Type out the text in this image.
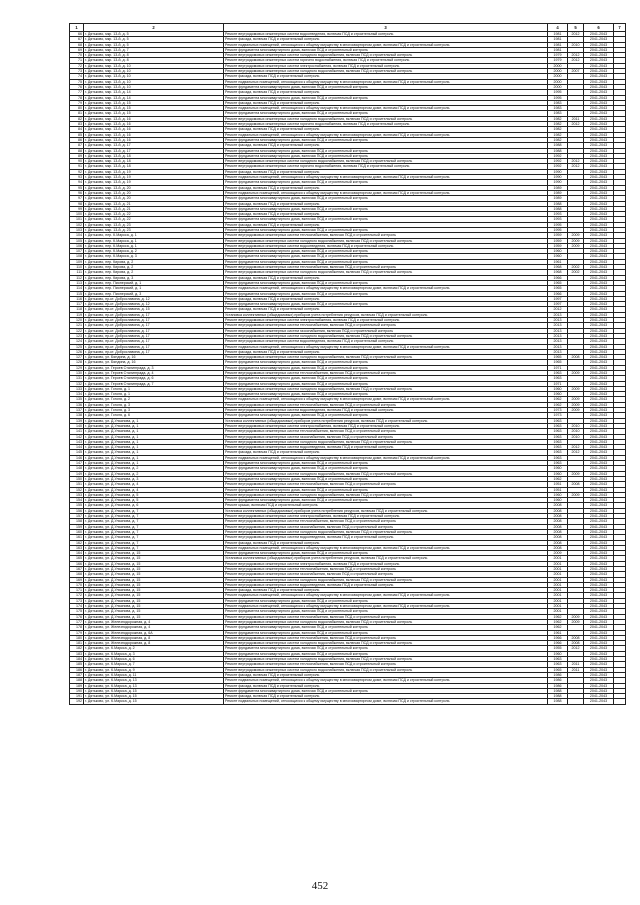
1	2	3	4	5	6	7
66	г. Дятьково, мкр. 13-й, д. 5	Ремонт внутридомовых инженерных систем водоотведения, включая ПСД и строительный контроль	1981	2012	2041-2043	
67	г. Дятьково, мкр. 13-й, д. 5	Ремонт фасада, включая ПСД и строительный контроль	1981		2041-2043	
68	г. Дятьково, мкр. 13-й, д. 5	Ремонт подвальных помещений, относящихся к общему имуществу в многоквартирном доме, включая ПСД и строительный контроль	1981	2010	2041-2043	
69	г. Дятьково, мкр. 13-й, д. 7	Ремонт фундамента многоквартирного дома, включая ПСД и строительный контроль	1981		2041-2043	
70	г. Дятьково, мкр. 13-й, д. 8	Ремонт внутридомовых инженерных систем холодного водоснабжения, включая ПСД и строительный контроль	1979	2012	2041-2043	
71	г. Дятьково, мкр. 13-й, д. 8	Ремонт внутридомовых инженерных систем горячего водоснабжения, включая ПСД и строительный контроль	1979	2012	2041-2043	
72	г. Дятьково, мкр. 13-й, д. 10	Ремонт внутридомовых инженерных систем электроснабжения, включая ПСД и строительный контроль	2000		2041-2043	
73	г. Дятьково, мкр. 13-й, д. 10	Ремонт внутридомовых инженерных систем холодного водоснабжения, включая ПСД и строительный контроль	2000	2007	2041-2043	
74	г. Дятьково, мкр. 13-й, д. 10	Ремонт фасада, включая ПСД и строительный контроль	2000		2041-2043	
75	г. Дятьково, мкр. 13-й, д. 10	Ремонт подвальных помещений, относящихся к общему имуществу в многоквартирном доме, включая ПСД и строительный контроль	2000		2041-2043	
76	г. Дятьково, мкр. 13-й, д. 10	Ремонт фундамента многоквартирного дома, включая ПСД и строительный контроль	2000		2041-2043	
77	г. Дятьково, мкр. 13-й, д. 14	Ремонт фасада, включая ПСД и строительный контроль	1995		2041-2043	
78	г. Дятьково, мкр. 13-й, д. 14	Ремонт фундамента многоквартирного дома, включая ПСД и строительный контроль	1995		2041-2043	
79	г. Дятьково, мкр. 13-й, д. 15	Ремонт фасада, включая ПСД и строительный контроль	1983		2041-2043	
80	г. Дятьково, мкр. 13-й, д. 15	Ремонт подвальных помещений, относящихся к общему имуществу в многоквартирном доме, включая ПСД и строительный контроль	1983		2041-2043	
81	г. Дятьково, мкр. 13-й, д. 15	Ремонт фундамента многоквартирного дома, включая ПСД и строительный контроль	1983		2041-2043	
82	г. Дятьково, мкр. 13-й, д. 16	Ремонт внутридомовых инженерных систем холодного водоснабжения, включая ПСД и строительный контроль	1982	2011	2041-2043	
83	г. Дятьково, мкр. 13-й, д. 16	Ремонт внутридомовых инженерных систем горячего водоснабжения, включая ПСД и строительный контроль	1982	2012	2041-2043	
84	г. Дятьково, мкр. 13-й, д. 16	Ремонт фасада, включая ПСД и строительный контроль	1982		2041-2043	
85	г. Дятьково, мкр. 13-й, д. 16	Ремонт подвальных помещений, относящихся к общему имуществу в многоквартирном доме, включая ПСД и строительный контроль	1982		2041-2043	
86	г. Дятьково, мкр. 13-й, д. 16	Ремонт фундамента многоквартирного дома, включая ПСД и строительный контроль	1982		2041-2043	
87	г. Дятьково, мкр. 13-й, д. 17	Ремонт фасада, включая ПСД и строительный контроль	1988		2041-2043	
88	г. Дятьково, мкр. 13-й, д. 17	Ремонт фундамента многоквартирного дома, включая ПСД и строительный контроль	1988		2041-2043	
89	г. Дятьково, мкр. 13-й, д. 18	Ремонт фундамента многоквартирного дома, включая ПСД и строительный контроль	1992		2041-2043	
90	г. Дятьково, мкр. 13-й, д. 18	Ремонт внутридомовых инженерных систем холодного водоснабжения, включая ПСД и строительный контроль	1992	2012	2041-2043	
91	г. Дятьково, мкр. 13-й, д. 18	Ремонт внутридомовых инженерных систем горячего водоснабжения, включая ПСД и строительный контроль	1992	2012	2041-2043	
92	г. Дятьково, мкр. 13-й, д. 19	Ремонт фасада, включая ПСД и строительный контроль	1990		2041-2043	
93	г. Дятьково, мкр. 13-й, д. 19	Ремонт подвальных помещений, относящихся к общему имуществу в многоквартирном доме, включая ПСД и строительный контроль	1990		2041-2043	
94	г. Дятьково, мкр. 13-й, д. 19	Ремонт фундамента многоквартирного дома, включая ПСД и строительный контроль	1990		2041-2043	
95	г. Дятьково, мкр. 13-й, д. 20	Ремонт фасада, включая ПСД и строительный контроль	1989		2041-2043	
96	г. Дятьково, мкр. 13-й, д. 20	Ремонт подвальных помещений, относящихся к общему имуществу в многоквартирном доме, включая ПСД и строительный контроль	1989		2041-2043	
97	г. Дятьково, мкр. 13-й, д. 20	Ремонт фундамента многоквартирного дома, включая ПСД и строительный контроль	1989		2041-2043	
98	г. Дятьково, мкр. 13-й, д. 21	Ремонт фасада, включая ПСД и строительный контроль	1988		2041-2043	
99	г. Дятьково, мкр. 13-й, д. 21	Ремонт фундамента многоквартирного дома, включая ПСД и строительный контроль	1988		2041-2043	
100	г. Дятьково, мкр. 13-й, д. 22	Ремонт фасада, включая ПСД и строительный контроль	1993		2041-2043	
101	г. Дятьково, мкр. 13-й, д. 22	Ремонт фундамента многоквартирного дома, включая ПСД и строительный контроль	1993		2041-2043	
102	г. Дятьково, мкр. 13-й, д. 23	Ремонт фасада, включая ПСД и строительный контроль	1995		2041-2043	
103	г. Дятьково, мкр. 13-й, д. 23	Ремонт фундамента многоквартирного дома, включая ПСД и строительный контроль	1995		2041-2043	
104	г. Дятьково, пер. К.Маркса, д. 1	Ремонт внутридомовых инженерных систем теплоснабжения, включая ПСД и строительный контроль	1959	2009	2041-2043	
105	г. Дятьково, пер. К.Маркса, д. 1	Ремонт внутридомовых инженерных систем холодного водоснабжения, включая ПСД и строительный контроль	1959	2009	2041-2043	
106	г. Дятьково, пер. К.Маркса, д. 1	Ремонт внутридомовых инженерных систем водоотведения, включая ПСД и строительный контроль	1959	2009	2041-2043	
107	г. Дятьково, пер. К.Маркса, д. 2	Ремонт фундамента многоквартирного дома, включая ПСД и строительный контроль	1960		2041-2043	
108	г. Дятьково, пер. К.Маркса, д. 3	Ремонт фундамента многоквартирного дома, включая ПСД и строительный контроль	1960		2041-2043	
109	г. Дятьково, пер. Кирова, д. 2	Ремонт фундамента многоквартирного дома, включая ПСД и строительный контроль	1961		2041-2043	
110	г. Дятьково, пер. Кирова, д. 2	Ремонт внутридомовых инженерных систем теплоснабжения, включая ПСД и строительный контроль	1968	2002	2041-2043	
111	г. Дятьково, пер. Кирова, д. 2	Ремонт внутридомовых инженерных систем холодного водоснабжения, включая ПСД и строительный контроль	1968	2002	2041-2043	
112	г. Дятьково, пер. Кирова, д. 3	Ремонт фасада, включая ПСД и строительный контроль	1966		2041-2043	
113	г. Дятьково, пер. Пионерский, д. 1	Ремонт фундамента многоквартирного дома, включая ПСД и строительный контроль	1965		2041-2043	
114	г. Дятьково, пер. Пионерский, д. 1	Ремонт подвальных помещений, относящихся к общему имуществу в многоквартирном доме, включая ПСД и строительный контроль	1965		2041-2043	
115	г. Дятьково, пер. Пионерский, д. 3	Ремонт фундамента многоквартирного дома, включая ПСД и строительный контроль	1966		2041-2043	
116	г. Дятьково, пр-кт. Доброславина, д. 12	Ремонт фасада, включая ПСД и строительный контроль	1997		2041-2043	
117	г. Дятьково, пр-кт. Доброславина, д. 12	Ремонт фундамента многоквартирного дома, включая ПСД и строительный контроль	1997		2041-2043	
118	г. Дятьково, пр-кт. Доброславина, д. 15	Ремонт фасада, включая ПСД и строительный контроль	2012		2041-2043	
119	г. Дятьково, пр-кт. Доброславина, д. 17	Установка коллективных (общедомовых) приборов учета потребления ресурсов, включая ПСД и строительный контроль	2013		2041-2043	
120	г. Дятьково, пр-кт. Доброславина, д. 17	Ремонт внутридомовых инженерных систем электроснабжения, включая ПСД и строительный контроль	2013		2041-2043	
121	г. Дятьково, пр-кт. Доброславина, д. 17	Ремонт внутридомовых инженерных систем теплоснабжения, включая ПСД и строительный контроль	2013		2041-2043	
122	г. Дятьково, пр-кт. Доброславина, д. 17	Ремонт внутридомовых инженерных систем газоснабжения, включая ПСД и строительный контроль	2013		2041-2043	
123	г. Дятьково, пр-кт. Доброславина, д. 17	Ремонт внутридомовых инженерных систем холодного водоснабжения, включая ПСД и строительный контроль	2013		2041-2043	
124	г. Дятьково, пр-кт. Доброславина, д. 17	Ремонт внутридомовых инженерных систем водоотведения, включая ПСД и строительный контроль	2013		2041-2043	
125	г. Дятьково, пр-кт. Доброславина, д. 17	Ремонт подвальных помещений, относящихся к общему имуществу в многоквартирном доме, включая ПСД и строительный контроль	2013		2041-2043	
126	г. Дятьково, пр-кт. Доброславина, д. 17	Ремонт фасада, включая ПСД и строительный контроль	2013		2041-2043	
127	г. Дятьково, ул. Бяндина, д. 16	Ремонт внутридомовых инженерных систем холодного водоснабжения, включая ПСД и строительный контроль	1965	2008	2041-2043	
128	г. Дятьково, ул. Бяндина, д. 16	Ремонт фундамента многоквартирного дома, включая ПСД и строительный контроль	1965		2041-2043	
129	г. Дятьково, ул. Героев Сталинграда, д. 3	Ремонт фундамента многоквартирного дома, включая ПСД и строительный контроль	1971		2041-2043	
130	г. Дятьково, ул. Героев Сталинграда, д. 4	Ремонт внутридомовых инженерных систем теплоснабжения, включая ПСД и строительный контроль	1963	2009	2041-2043	
131	г. Дятьково, ул. Героев Сталинграда, д. 6	Ремонт фундамента многоквартирного дома, включая ПСД и строительный контроль	1963		2041-2043	
132	г. Дятьково, ул. Героев Сталинграда, д. 7	Ремонт фундамента многоквартирного дома, включая ПСД и строительный контроль	1971		2041-2043	
133	г. Дятьково, ул. Гоголя, д. 1	Ремонт внутридомовых инженерных систем холодного водоснабжения, включая ПСД и строительный контроль	1960	2009	2041-2043	
134	г. Дятьково, ул. Гоголя, д. 1	Ремонт фундамента многоквартирного дома, включая ПСД и строительный контроль	1960		2041-2043	
135	г. Дятьково, ул. Гоголя, д. 2	Ремонт подвальных помещений, относящихся к общему имуществу в многоквартирном доме, включая ПСД и строительный контроль	1962	2009	2041-2043	
136	г. Дятьково, ул. Гоголя, д. 3	Ремонт внутридомовых инженерных систем теплоснабжения, включая ПСД и строительный контроль	1962	2009	2041-2043	
137	г. Дятьково, ул. Гоголя, д. 3	Ремонт внутридомовых инженерных систем водоотведения, включая ПСД и строительный контроль	1973	2009	2041-2043	
138	г. Дятьково, ул. Гоголя, д. 6	Ремонт фундамента многоквартирного дома, включая ПСД и строительный контроль	1973		2041-2043	
139	г. Дятьково, ул. Д.Ульянова, д. 1	Установка коллективных (общедомовых) приборов учета потребления ресурсов, включая ПСД и строительный контроль	1963		2041-2043	
140	г. Дятьково, ул. Д.Ульянова, д. 1	Ремонт внутридомовых инженерных систем электроснабжения, включая ПСД и строительный контроль	1963	2010	2041-2043	
141	г. Дятьково, ул. Д.Ульянова, д. 1	Ремонт внутридомовых инженерных систем теплоснабжения, включая ПСД и строительный контроль	1963	2010	2041-2043	
142	г. Дятьково, ул. Д.Ульянова, д. 1	Ремонт внутридомовых инженерных систем газоснабжения, включая ПСД и строительный контроль	1963	2010	2041-2043	
143	г. Дятьково, ул. Д.Ульянова, д. 1	Ремонт внутридомовых инженерных систем холодного водоснабжения, включая ПСД и строительный контроль	1963		2041-2043	
144	г. Дятьково, ул. Д.Ульянова, д. 1	Ремонт внутридомовых инженерных систем водоотведения, включая ПСД и строительный контроль	1963	2012	2041-2043	
145	г. Дятьково, ул. Д.Ульянова, д. 1	Ремонт фасада, включая ПСД и строительный контроль	1963	2012	2041-2043	
146	г. Дятьково, ул. Д.Ульянова, д. 1	Ремонт подвальных помещений, относящихся к общему имуществу в многоквартирном доме, включая ПСД и строительный контроль	1963		2041-2043	
147	г. Дятьково, ул. Д.Ульянова, д. 1	Ремонт фундамента многоквартирного дома, включая ПСД и строительный контроль	1963		2041-2043	
148	г. Дятьково, ул. Д.Ульянова, д. 2	Ремонт фундамента многоквартирного дома, включая ПСД и строительный контроль	1960		2041-2043	
149	г. Дятьково, ул. Д.Ульянова, д. 2	Ремонт внутридомовых инженерных систем холодного водоснабжения, включая ПСД и строительный контроль	1960	2009	2041-2043	
150	г. Дятьково, ул. Д.Ульянова, д. 3	Ремонт фундамента многоквартирного дома, включая ПСД и строительный контроль	1962		2041-2043	
151	г. Дятьково, ул. Д.Ульянова, д. 4	Ремонт внутридомовых инженерных систем теплоснабжения, включая ПСД и строительный контроль	1951	2008	2041-2043	
152	г. Дятьково, ул. Д.Ульянова, д. 4	Ремонт фундамента многоквартирного дома, включая ПСД и строительный контроль	1951		2041-2043	
153	г. Дятьково, ул. Д.Ульянова, д. 5	Ремонт внутридомовых инженерных систем холодного водоснабжения, включая ПСД и строительный контроль	1960	2009	2041-2043	
154	г. Дятьково, ул. Д.Ульянова, д. 5	Ремонт фундамента многоквартирного дома, включая ПСД и строительный контроль	1960		2041-2043	
155	г. Дятьково, ул. Д.Ульянова, д. 6	Ремонт крыши, включая ПСД и строительный контроль	2008		2041-2043	
156	г. Дятьково, ул. Д.Ульянова, д. 7	Установка коллективных (общедомовых) приборов учета потребления ресурсов, включая ПСД и строительный контроль	2008		2041-2043	
157	г. Дятьково, ул. Д.Ульянова, д. 7	Ремонт внутридомовых инженерных систем электроснабжения, включая ПСД и строительный контроль	2008		2041-2043	
158	г. Дятьково, ул. Д.Ульянова, д. 7	Ремонт внутридомовых инженерных систем теплоснабжения, включая ПСД и строительный контроль	2008		2041-2043	
159	г. Дятьково, ул. Д.Ульянова, д. 7	Ремонт внутридомовых инженерных систем газоснабжения, включая ПСД и строительный контроль	2008		2041-2043	
160	г. Дятьково, ул. Д.Ульянова, д. 7	Ремонт внутридомовых инженерных систем холодного водоснабжения, включая ПСД и строительный контроль	2008		2041-2043	
161	г. Дятьково, ул. Д.Ульянова, д. 7	Ремонт внутридомовых инженерных систем водоотведения, включая ПСД и строительный контроль	2008		2041-2043	
162	г. Дятьково, ул. Д.Ульянова, д. 7	Ремонт фасада, включая ПСД и строительный контроль	2008		2041-2043	
163	г. Дятьково, ул. Д.Ульянова, д. 7	Ремонт подвальных помещений, относящихся к общему имуществу в многоквартирном доме, включая ПСД и строительный контроль	2008		2041-2043	
164	г. Дятьково, ул. Д.Ульянова, д. 15	Ремонт фундамента многоквартирного дома, включая ПСД и строительный контроль	2009		2041-2043	
165	г. Дятьково, ул. Д.Ульянова, д. 15	Установка коллективных (общедомовых) приборов учета потребления ресурсов, включая ПСД и строительный контроль	2001		2041-2043	
166	г. Дятьково, ул. Д.Ульянова, д. 15	Ремонт внутридомовых инженерных систем электроснабжения, включая ПСД и строительный контроль	2001		2041-2043	
167	г. Дятьково, ул. Д.Ульянова, д. 15	Ремонт внутридомовых инженерных систем теплоснабжения, включая ПСД и строительный контроль	2001		2041-2043	
168	г. Дятьково, ул. Д.Ульянова, д. 15	Ремонт внутридомовых инженерных систем газоснабжения, включая ПСД и строительный контроль	2001		2041-2043	
169	г. Дятьково, ул. Д.Ульянова, д. 15	Ремонт внутридомовых инженерных систем холодного водоснабжения, включая ПСД и строительный контроль	2001		2041-2043	
170	г. Дятьково, ул. Д.Ульянова, д. 15	Ремонт внутридомовых инженерных систем водоотведения, включая ПСД и строительный контроль	2001		2041-2043	
171	г. Дятьково, ул. Д.Ульянова, д. 15	Ремонт фасада, включая ПСД и строительный контроль	2001		2041-2043	
172	г. Дятьково, ул. Д.Ульянова, д. 15	Ремонт подвальных помещений, относящихся к общему имуществу в многоквартирном доме, включая ПСД и строительный контроль	2001		2041-2043	
173	г. Дятьково, ул. Д.Ульянова, д. 15	Ремонт фундамента многоквартирного дома, включая ПСД и строительный контроль	2001		2041-2043	
174	г. Дятьково, ул. Д.Ульянова, д. 15	Ремонт подвальных помещений, относящихся к общему имуществу в многоквартирном доме, включая ПСД и строительный контроль	2001		2041-2043	
175	г. Дятьково, ул. Д.Ульянова, д. 15	Ремонт фундамента многоквартирного дома, включая ПСД и строительный контроль	2001		2041-2043	
176	г. Дятьково, ул. Д.Ульянова, д. 15	Ремонт внутридомовых инженерных систем теплоснабжения, включая ПСД и строительный контроль	1962	2009	2041-2043	
177	г. Дятьково, ул. Железнодорожная, д. 4	Ремонт внутридомовых инженерных систем холодного водоснабжения, включая ПСД и строительный контроль	1962	2009	2041-2043	
178	г. Дятьково, ул. Железнодорожная, д. 4	Ремонт фундамента многоквартирного дома, включая ПСД и строительный контроль	1962		2041-2043	
179	г. Дятьково, ул. Железнодорожная, д. 6А	Ремонт фундамента многоквартирного дома, включая ПСД и строительный контроль	1961		2041-2043	
180	г. Дятьково, ул. Железнодорожная, д. 8	Ремонт внутридомовых инженерных систем теплоснабжения, включая ПСД и строительный контроль	1966	2008	2041-2043	
181	г. Дятьково, ул. Железнодорожная, д. 8	Ремонт внутридомовых инженерных систем холодного водоснабжения, включая ПСД и строительный контроль	1966	2008	2041-2043	
182	г. Дятьково, ул. К.Маркса, д. 2	Ремонт фундамента многоквартирного дома, включая ПСД и строительный контроль	1955	2012	2041-2043	
183	г. Дятьково, ул. К.Маркса, д. 3	Ремонт фундамента многоквартирного дома, включая ПСД и строительный контроль	1960		2041-2043	
184	г. Дятьково, ул. К.Маркса, д. 6	Ремонт внутридомовых инженерных систем холодного водоснабжения, включая ПСД и строительный контроль	1963		2041-2043	
185	г. Дятьково, ул. К.Маркса, д. 7	Ремонт внутридомовых инженерных систем теплоснабжения, включая ПСД и строительный контроль	1963	2011	2041-2043	
186	г. Дятьково, ул. К.Маркса, д. 9	Ремонт внутридомовых инженерных систем холодного водоснабжения, включая ПСД и строительный контроль	1965	2011	2041-2043	
187	г. Дятьково, ул. К.Маркса, д. 11	Ремонт фасада, включая ПСД и строительный контроль	1986		2041-2043	
188	г. Дятьково, ул. К.Маркса, д. 13	Ремонт подвальных помещений, относящихся к общему имуществу в многоквартирном доме, включая ПСД и строительный контроль	1986		2041-2043	
189	г. Дятьково, ул. К.Маркса, д. 13	Ремонт фасада, включая ПСД и строительный контроль	1986		2041-2043	
190	г. Дятьково, ул. К.Маркса, д. 15	Ремонт фундамента многоквартирного дома, включая ПСД и строительный контроль	1988		2041-2043	
191	г. Дятьково, ул. К.Маркса, д. 15	Ремонт фасада, включая ПСД и строительный контроль	1988		2041-2043	
192	г. Дятьково, ул. К.Маркса, д. 15	Ремонт подвальных помещений, относящихся к общему имуществу в многоквартирном доме, включая ПСД и строительный контроль	1988		2041-2043	
452
